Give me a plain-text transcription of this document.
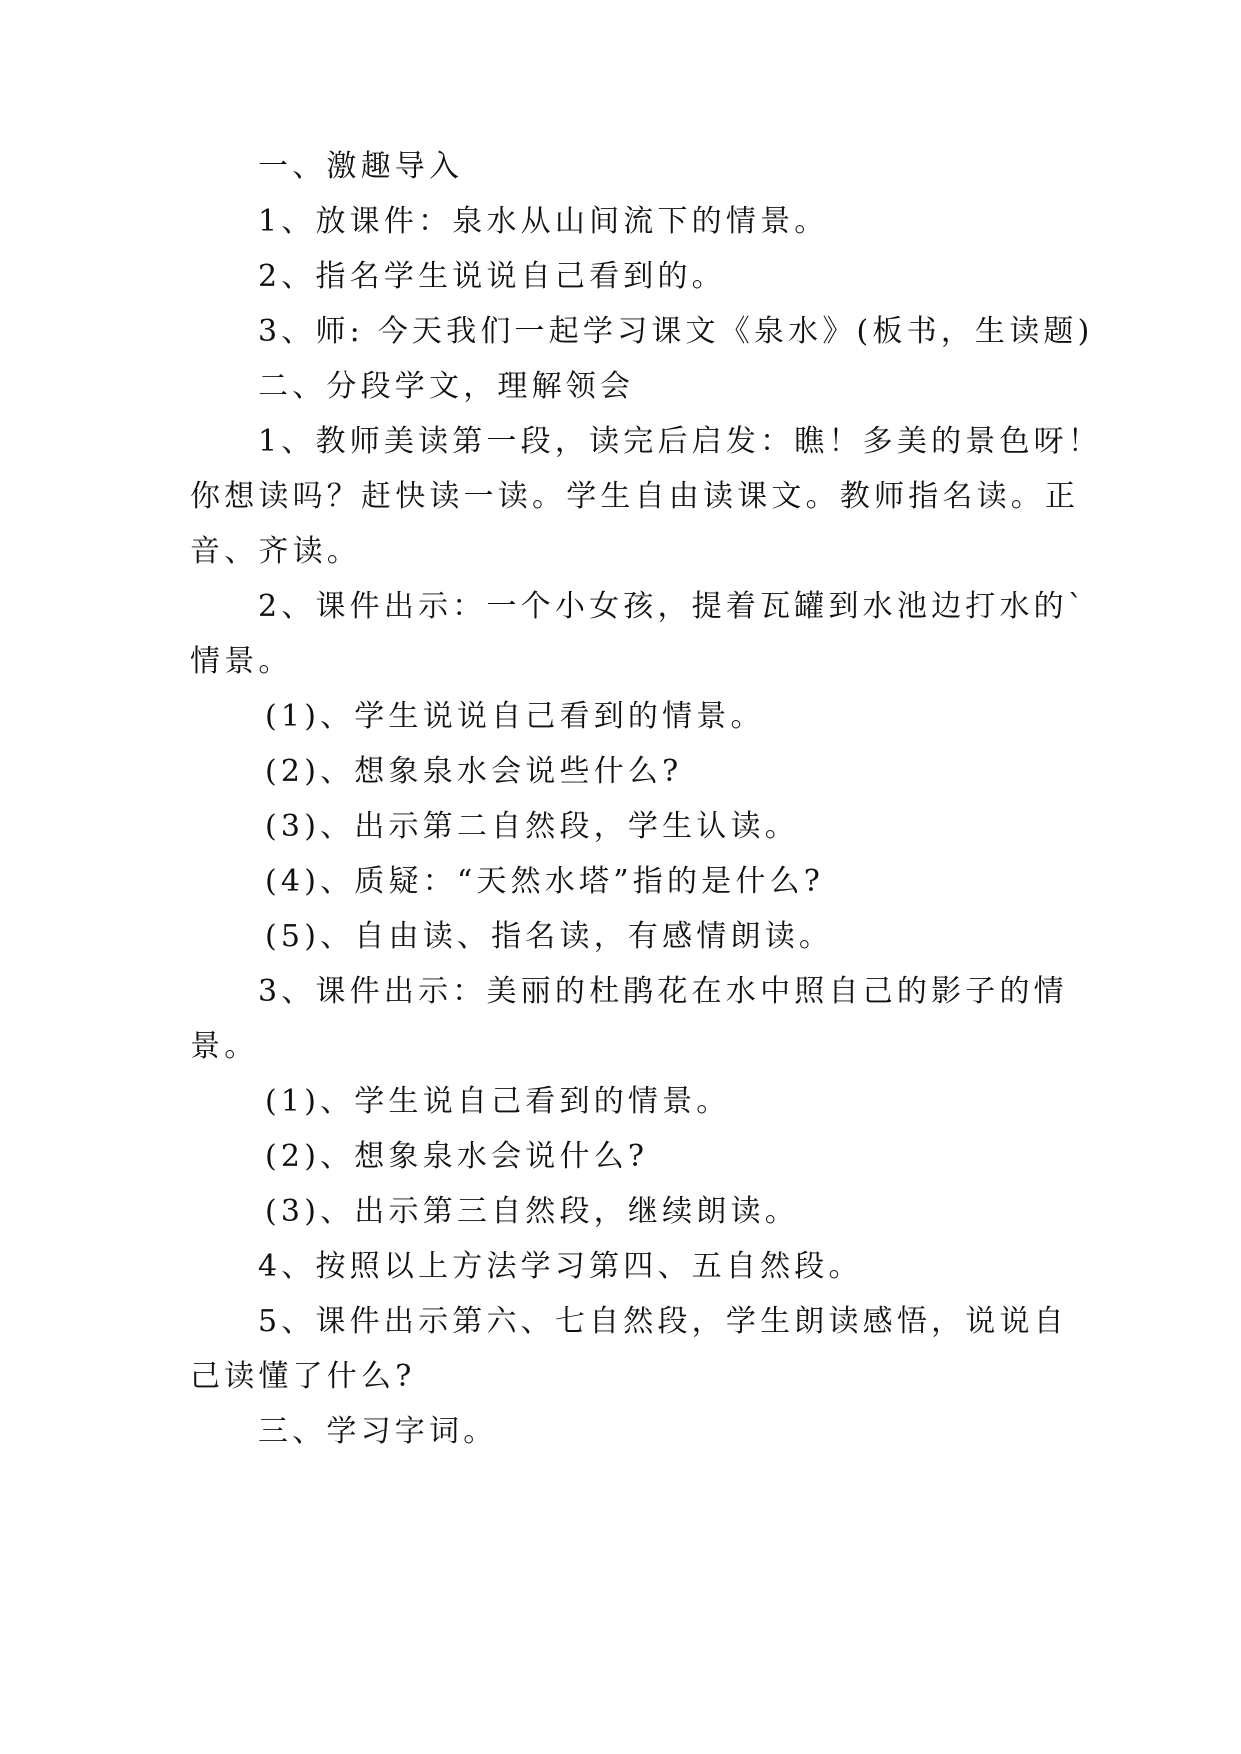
一、激趣导入
1、放课件：泉水从山间流下的情景。
2、指名学生说说自己看到的。
3、师: 今天我们一起学习课文《泉水》(板书，生读题)
二、分段学文，理解领会
1、教师美读第一段，读完后启发：瞧！多美的景色呀！
你想读吗？赶快读一读。学生自由读课文。教师指名读。正
音、齐读。
2、课件出示：一个小女孩，提着瓦罐到水池边打水的`
情景。
(1)、学生说说自己看到的情景。
(2)、想象泉水会说些什么?
(3)、出示第二自然段，学生认读。
(4)、质疑：“天然水塔”指的是什么?
(5)、自由读、指名读，有感情朗读。
3、课件出示：美丽的杜鹃花在水中照自己的影子的情
景。
(1)、学生说自己看到的情景。
(2)、想象泉水会说什么?
(3)、出示第三自然段，继续朗读。
4、按照以上方法学习第四、五自然段。
5、课件出示第六、七自然段，学生朗读感悟，说说自
己读懂了什么?
三、学习字词。
